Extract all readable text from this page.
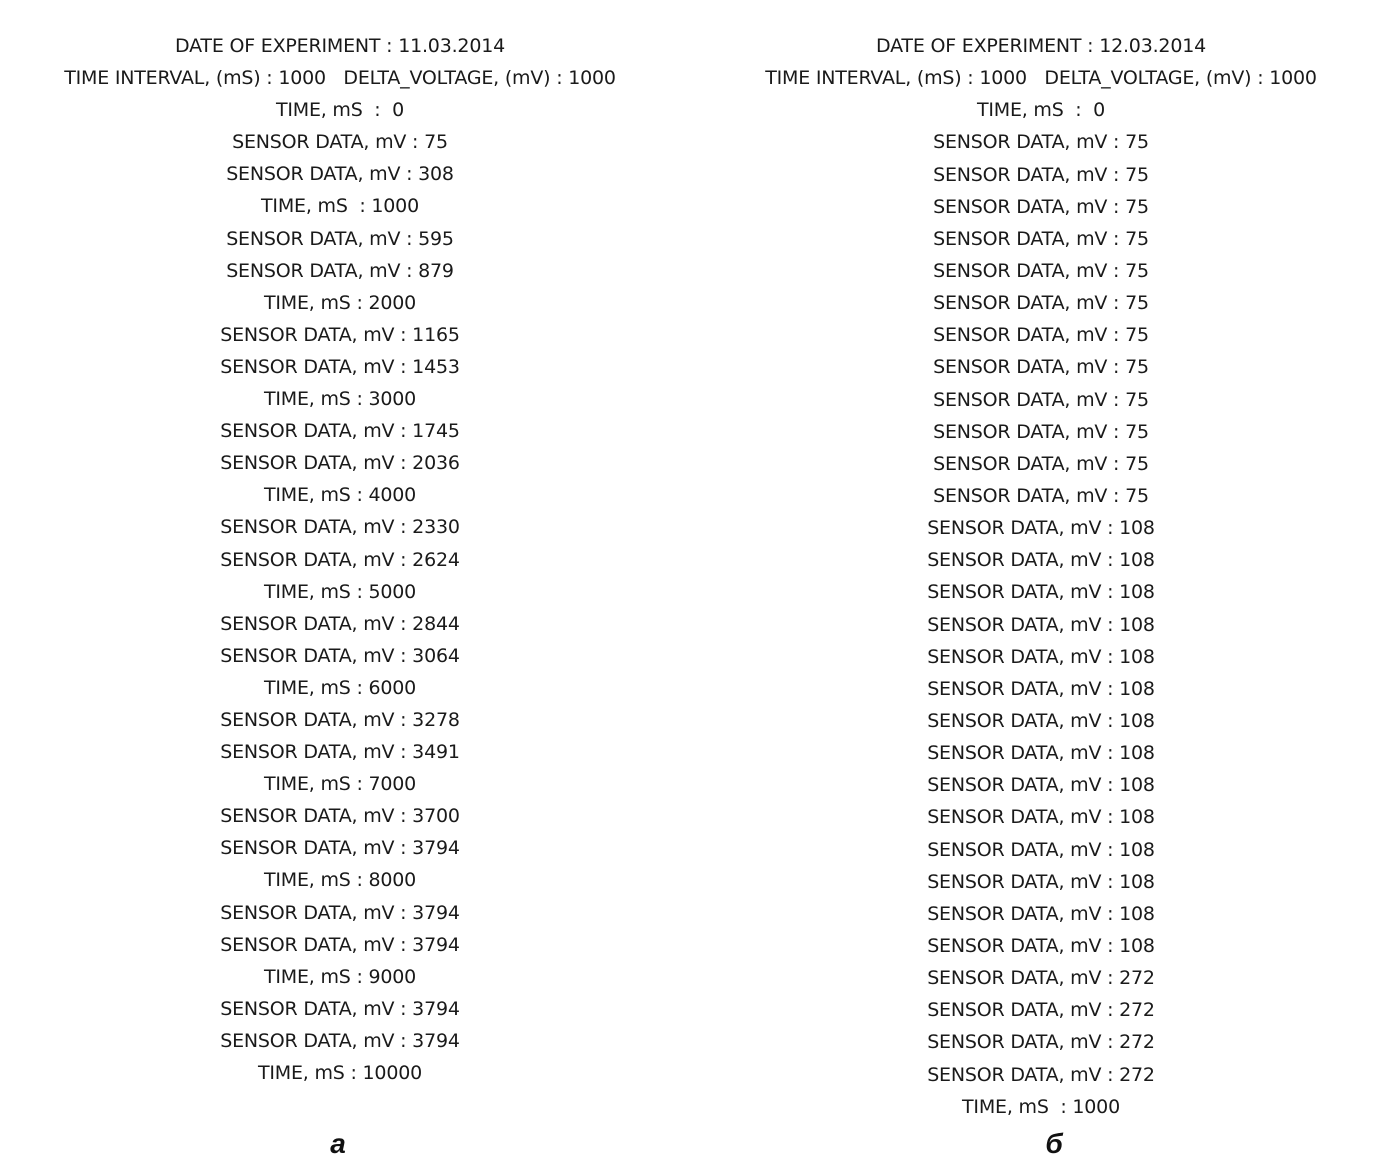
DATE OF EXPERIMENT : 11.03.2014
TIME INTERVAL, (mS) : 1000   DELTA_VOLTAGE, (mV) : 1000
TIME, mS  :  0
SENSOR DATA, mV : 75
SENSOR DATA, mV : 308
TIME, mS  : 1000
SENSOR DATA, mV : 595
SENSOR DATA, mV : 879
TIME, mS : 2000
SENSOR DATA, mV : 1165
SENSOR DATA, mV : 1453
TIME, mS : 3000
SENSOR DATA, mV : 1745
SENSOR DATA, mV : 2036
TIME, mS : 4000
SENSOR DATA, mV : 2330
SENSOR DATA, mV : 2624
TIME, mS : 5000
SENSOR DATA, mV : 2844
SENSOR DATA, mV : 3064
TIME, mS : 6000
SENSOR DATA, mV : 3278
SENSOR DATA, mV : 3491
TIME, mS : 7000
SENSOR DATA, mV : 3700
SENSOR DATA, mV : 3794
TIME, mS : 8000
SENSOR DATA, mV : 3794
SENSOR DATA, mV : 3794
TIME, mS : 9000
SENSOR DATA, mV : 3794
SENSOR DATA, mV : 3794
TIME, mS : 10000
DATE OF EXPERIMENT : 12.03.2014
TIME INTERVAL, (mS) : 1000   DELTA_VOLTAGE, (mV) : 1000
TIME, mS  :  0
SENSOR DATA, mV : 75
SENSOR DATA, mV : 75
SENSOR DATA, mV : 75
SENSOR DATA, mV : 75
SENSOR DATA, mV : 75
SENSOR DATA, mV : 75
SENSOR DATA, mV : 75
SENSOR DATA, mV : 75
SENSOR DATA, mV : 75
SENSOR DATA, mV : 75
SENSOR DATA, mV : 75
SENSOR DATA, mV : 75
SENSOR DATA, mV : 108
SENSOR DATA, mV : 108
SENSOR DATA, mV : 108
SENSOR DATA, mV : 108
SENSOR DATA, mV : 108
SENSOR DATA, mV : 108
SENSOR DATA, mV : 108
SENSOR DATA, mV : 108
SENSOR DATA, mV : 108
SENSOR DATA, mV : 108
SENSOR DATA, mV : 108
SENSOR DATA, mV : 108
SENSOR DATA, mV : 108
SENSOR DATA, mV : 108
SENSOR DATA, mV : 272
SENSOR DATA, mV : 272
SENSOR DATA, mV : 272
SENSOR DATA, mV : 272
TIME, mS  : 1000
а	б
